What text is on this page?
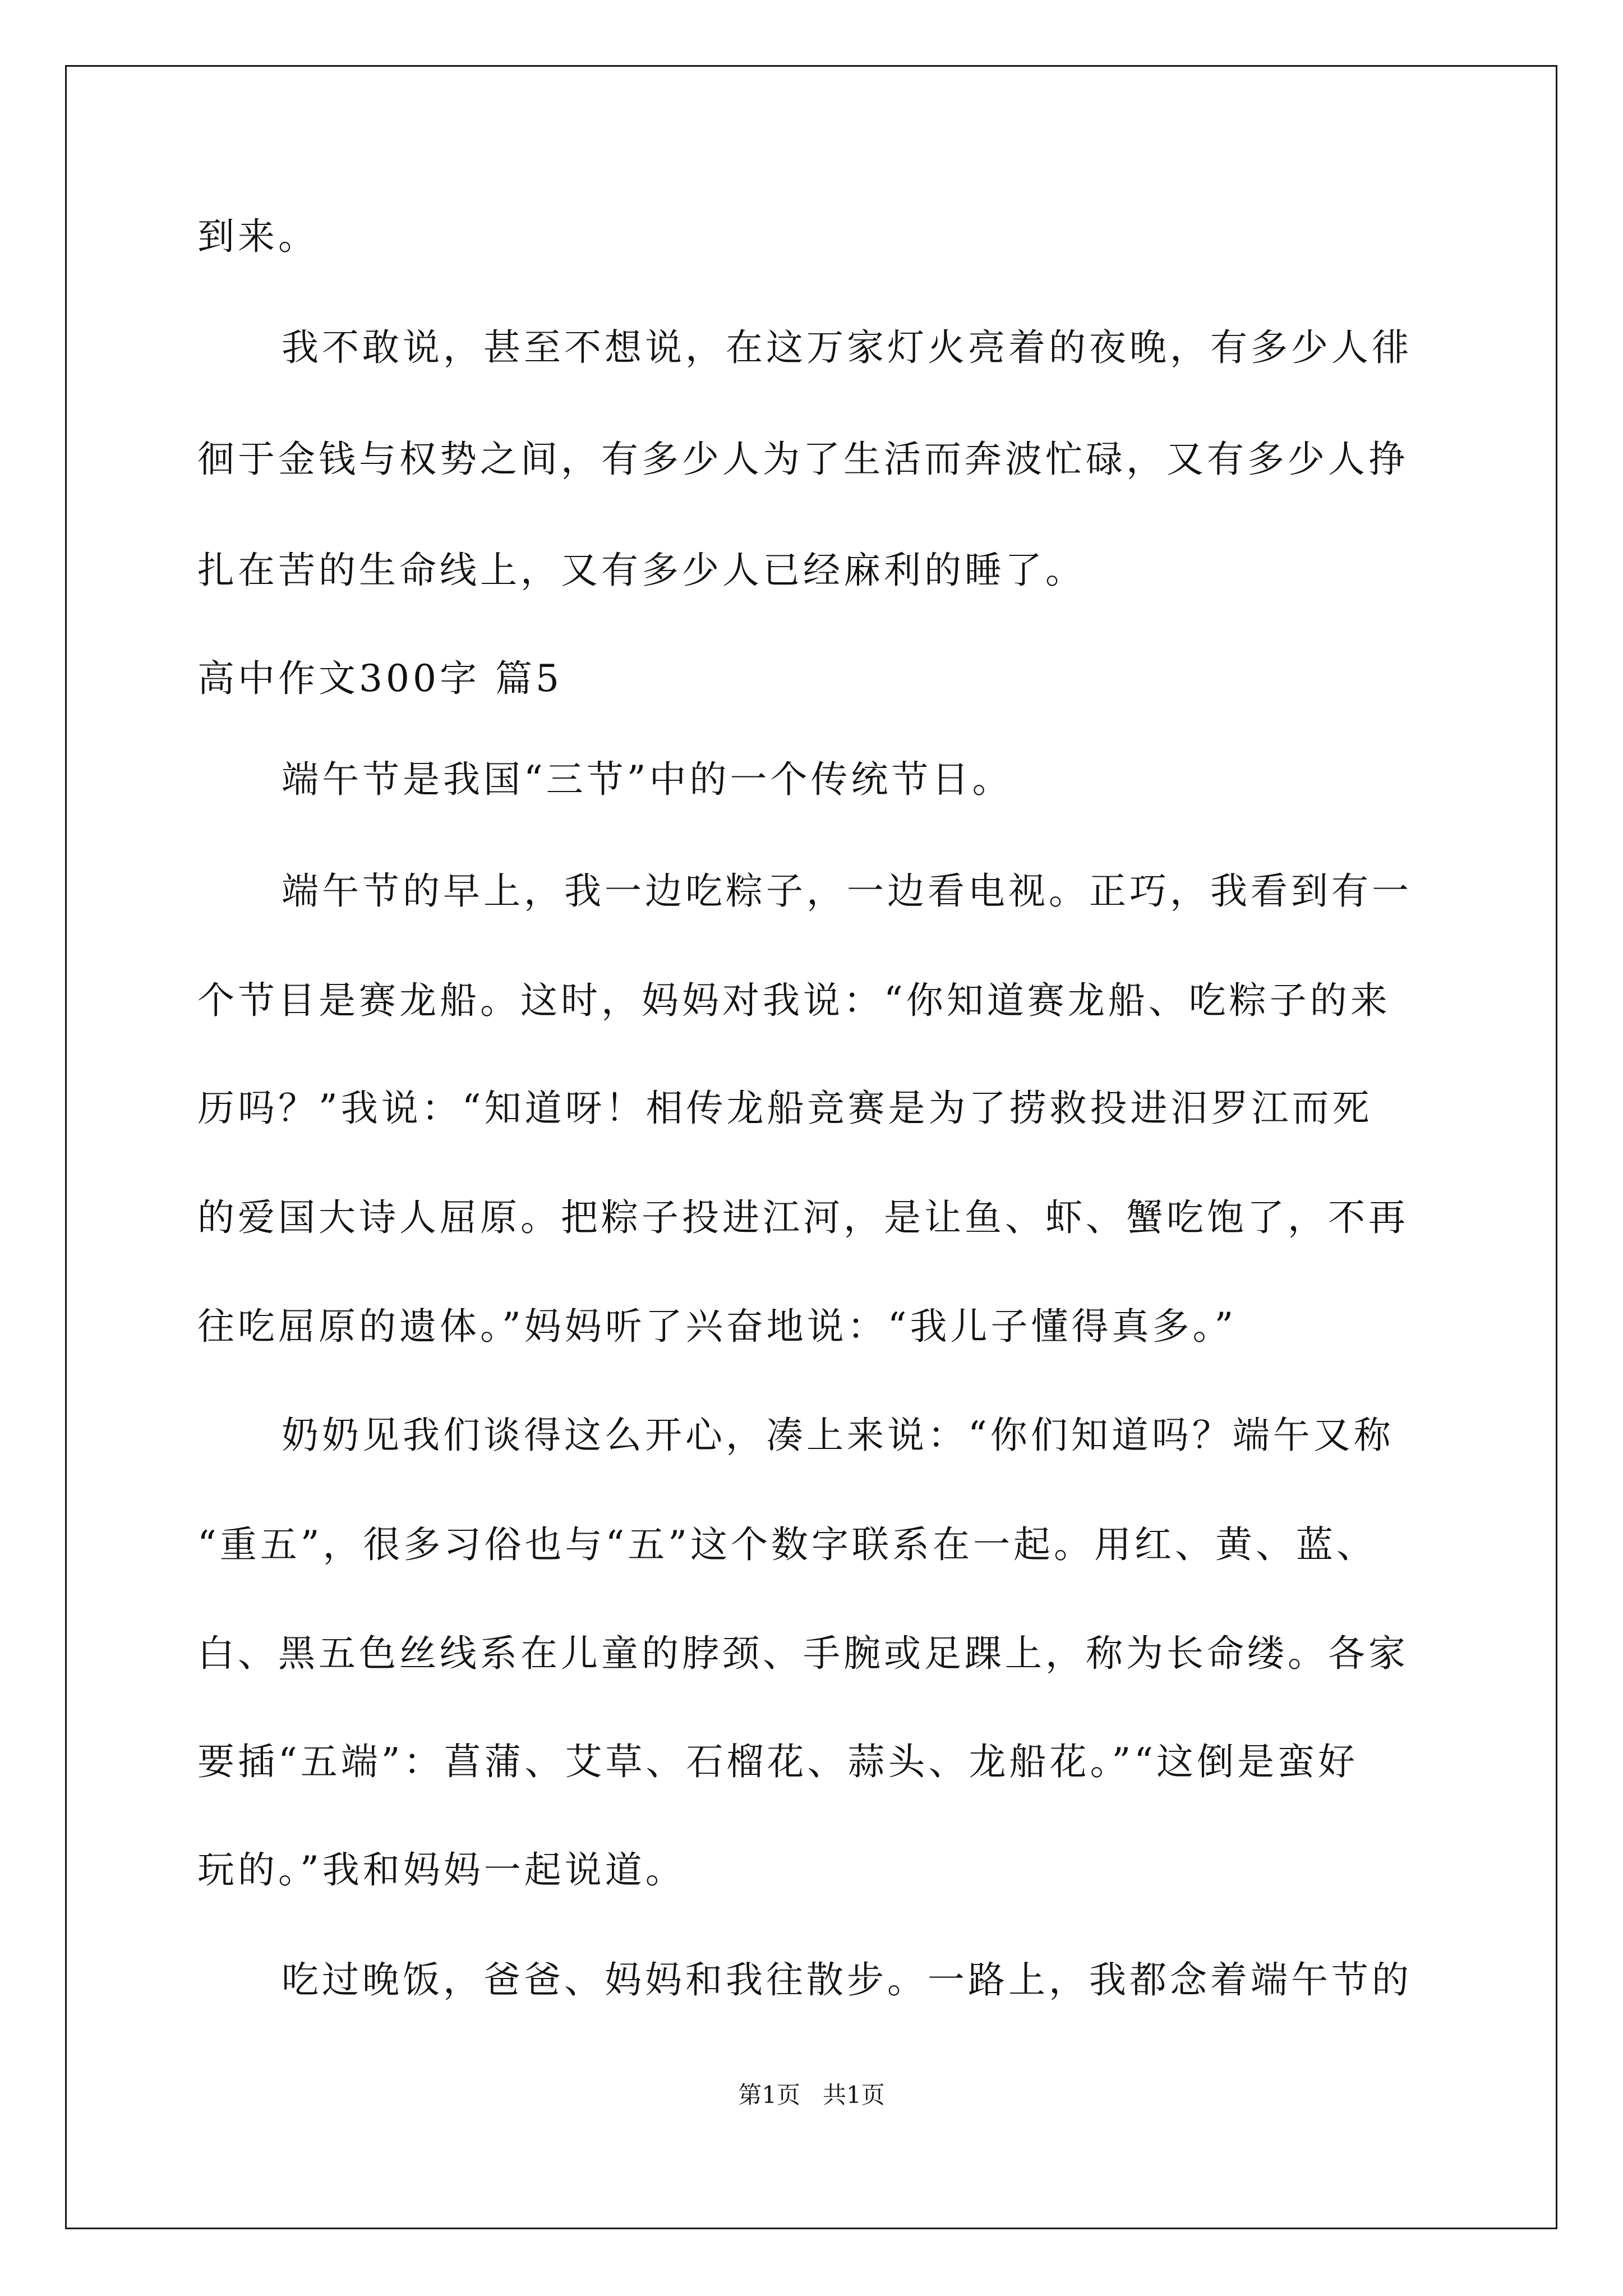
到来。

我不敢说，甚至不想说，在这万家灯火亮着的夜晚，有多少人徘

徊于金钱与权势之间，有多少人为了生活而奔波忙碌，又有多少人挣

扎在苦的生命线上，又有多少人已经麻利的睡了。

高中作文300字 篇5

端午节是我国“三节”中的一个传统节日。

端午节的早上，我一边吃粽子，一边看电视。正巧，我看到有一

个节目是赛龙船。这时，妈妈对我说：“你知道赛龙船、吃粽子的来

历吗？”我说：“知道呀！相传龙船竞赛是为了捞救投进汨罗江而死

的爱国大诗人屈原。把粽子投进江河，是让鱼、虾、蟹吃饱了，不再

往吃屈原的遗体。”妈妈听了兴奋地说：“我儿子懂得真多。”

奶奶见我们谈得这么开心，凑上来说：“你们知道吗？端午又称

“重五”，很多习俗也与“五”这个数字联系在一起。用红、黄、蓝、

白、黑五色丝线系在儿童的脖颈、手腕或足踝上，称为长命缕。各家

要插“五端”：菖蒲、艾草、石榴花、蒜头、龙船花。”“这倒是蛮好

玩的。”我和妈妈一起说道。

吃过晚饭，爸爸、妈妈和我往散步。一路上，我都念着端午节的

第1页   共1页
